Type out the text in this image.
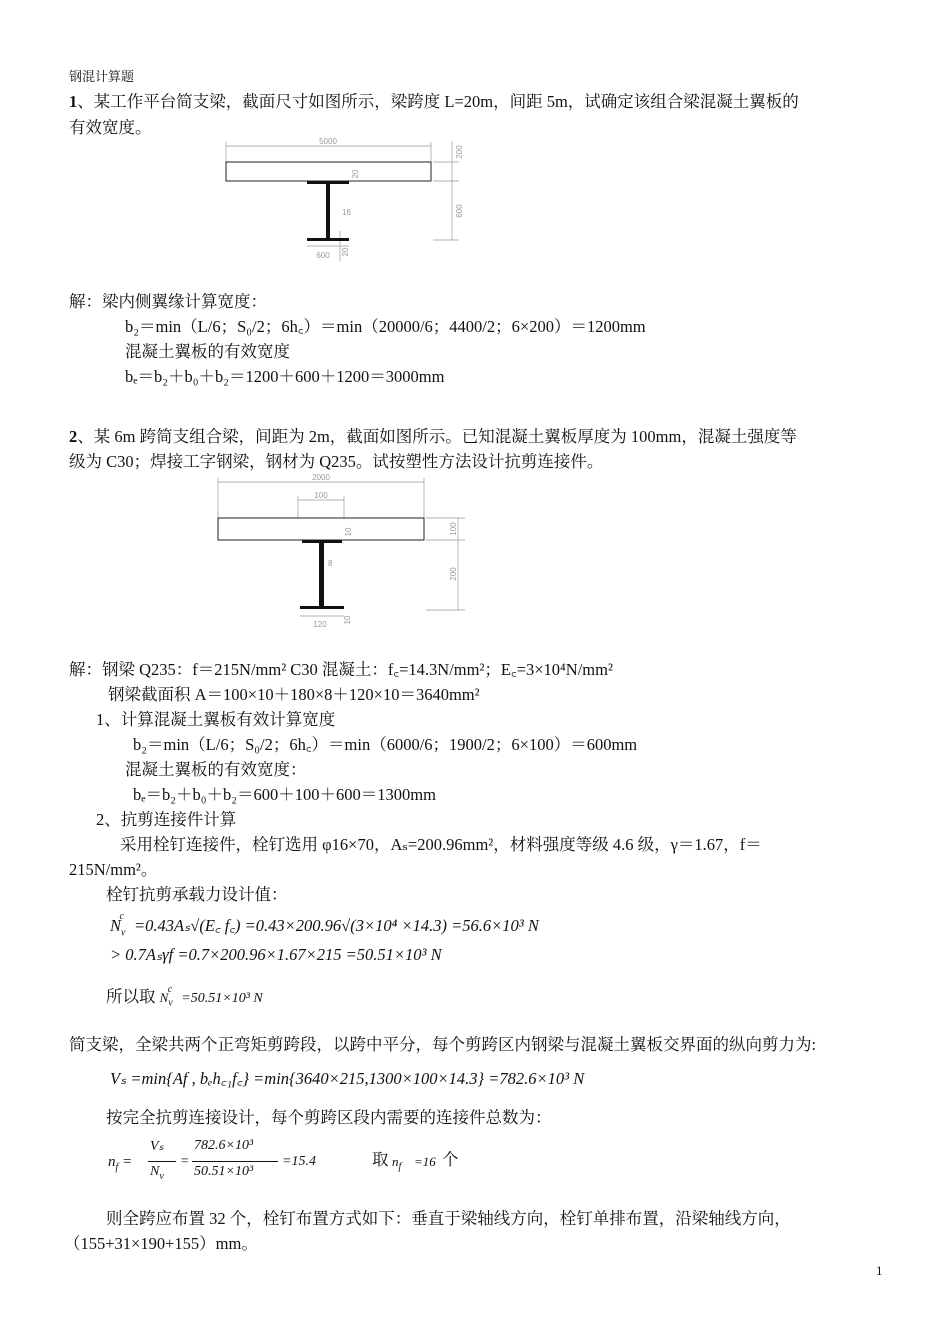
钢混计算题
1、某工作平台简支梁，截面尺寸如图所示，梁跨度 L=20m，间距 5m，试确定该组合梁混凝土翼板的
有效宽度。
5000
200
20
16	600
600 20
解：梁内侧翼缘计算宽度：
b₂＝min（L/6；S₀/2；6h꜀）＝min（20000/6；4400/2；6×200）＝1200mm
混凝土翼板的有效宽度
bₑ＝b₂＋b₀＋b₂＝1200＋600＋1200＝3000mm
2、某 6m 跨简支组合梁，间距为 2m，截面如图所示。已知混凝土翼板厚度为 100mm，混凝土强度等
级为 C30；焊接工字钢梁，钢材为 Q235。试按塑性方法设计抗剪连接件。
2000
100
10	100
8
200
120 10
解：钢梁 Q235：f＝215N/mm² C30 混凝土：f꜀=14.3N/mm²；E꜀=3×10⁴N/mm²
钢梁截面积 A＝100×10＋180×8＋120×10＝3640mm²
1、计算混凝土翼板有效计算宽度
b₂＝min（L/6；S₀/2；6h꜀）＝min（6000/6；1900/2；6×100）＝600mm
混凝土翼板的有效宽度：
bₑ＝b₂＋b₀＋b₂＝600＋100＋600＝1300mm
2、抗剪连接件计算
采用栓钉连接件，栓钉选用 φ16×70，Aₛ=200.96mm²，材料强度等级 4.6 级，γ＝1.67，f＝
215N/mm²。
栓钉抗剪承载力设计值：
$N_v^c$ =0.43Aₛ√(E꜀ f꜀) =0.43×200.96√(3×10⁴ ×14.3) =56.6×10³ N
> 0.7Aₛγf =0.7×200.96×1.67×215 =50.51×10³ N
所以取 $N_v^c =50.51\times 10^3$ N
简支梁，全梁共两个正弯矩剪跨段，以跨中平分，每个剪跨区内钢梁与混凝土翼板交界面的纵向剪力为:
Vₛ =min{Af , bₑh꜀₁f꜀} =min{3640×215,1300×100×14.3} =782.6×10³ N
按完全抗剪连接设计，每个剪跨区段内需要的连接件总数为：
$n_f$ =
Vₛ
$N_v$
=
782.6×10³
50.51×10³
=15.4	取 $n_f =16$ 个
则全跨应布置 32 个，栓钉布置方式如下：垂直于梁轴线方向，栓钉单排布置，沿梁轴线方向，
（155+31×190+155）mm。
1
